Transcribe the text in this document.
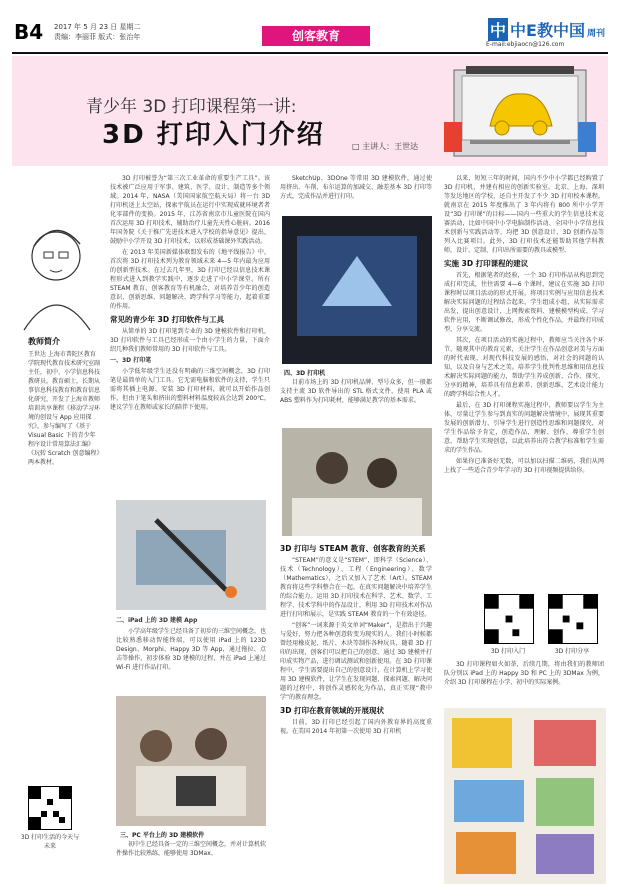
B4 2017 年 5 月 23 日 星期二
责编：李丽菲 版式：张治年	创客教育	中 中E教中国 周刊
E-mail:ebjiaocn@126.com
青少年 3D 打印课程第一讲:
3D 打印入门介绍	□ 主讲人：王世达
教师简介
王世达 上海市普陀区教育学院现代教育技术研究室副主任，初中、小学信息科技教研员，教育硕士，长期从事信息科技教育和教育信息化研究，开发了上海市教师培训共享课程《移动学习环境的创设与 App 应用探究》，参与编写了《基于 Visual Basic 下的青少年程序设计常用算法汇编》《玩转 Scratch 创意编程》两本教材。
3D 打印生活的今天与未来

3D 打印被誉为“第三次工业革命的重要生产工具”。该技术被广泛应用于军事、建筑、医学、设计、制造等多个领域。2014 年，NASA（美国国家航空航天局）将一台 3D 打印机送上太空站，探索宇航员在运行中实现成就环境者者化零部件的变换。2015 年，江苏省南京市儿童医院在国内首次运用 3D 打印技术，辅助治疗儿童先天性心脏病。2016 年国务院《关于推广先进技术进入学校的指导意见》提出，鼓励中小学开设 3D 打印技术，以形成基础课外实践活动。

在 2013 年美国新媒体联盟发布的《地平线报告》中，首次将 3D 打印技术列为教育领域未来 4—5 年内最为应用的创新型技术。在过去几年里，3D 打印已经以信息技术课程形式进入到教学实践中，逐步走进了中小学课堂。所有 STEAM 教育、创客教育等有机融合，对培养青少年的创造意识、创新思维、问题解决、跨学科学习等能力，起着重要的作用。

常见的青少年 3D 打印软件与工具

从简单的 3D 打印笔到专业的 3D 建模软件和打印机，3D 打印软件与工具已经形成一个由小学生的力量，下面介绍几种我们教师常用的 3D 打印软件与工具。

一、3D 打印笔

小学低年级学生还没有明确的三维空间概念，3D 打印笔是最简单的入门工具。它无需电脑和软件的支持，学生只需将其插上电源、安装 3D 打印材料，就可以开始作品创作，但由于笔头和挤出的塑料材料温度较高会达到 200℃，建议学生在教师或家长的陪伴下使用。

二、iPad 上的 3D 建模 App

小学高年级学生已经具备了初步的三维空间概念，也比较熟悉移动智能终端，可以使用 iPad 上的 123D Design、Morphi、Happy 3D 等 App，通过拖拉、点击等操作，初步体验 3D 建模的过程，并在 iPad 上通过 Wi-Fi 进行作品打印。

三、PC 平台上的 3D 建模软件

初中生已经具备一定的三维空间概念，并对计算机软件操作比较熟练，能够使用 3DMax、

SketchUp、3DOne 等常用 3D 建模软件，通过使用挤出、车削、布尔运算的加减交、融差基本 3D 打印等方式，完成作品并进行打印。

四、3D 打印机

目前市场上的 3D 打印机品牌、型号众多，但一般都支持主流 3D 软件导出的 STL 格式文件，使用 PLA 或 ABS 塑料作为打印耗材，能够满足教学的基本需求。

3D 打印与 STEAM 教育、创客教育的关系

“STEAM”的意义是“STEM”，即科学（Science）、技术（Technology）、工程（Engineering）、数学（Mathematics），之后又加入了艺术（Art）。STEAM 教育将这些学科整合在一起，在真实问题解决中培养学生的综合能力。运用 3D 打印技术在科学、艺术、数学、工程学、技术学科中的作品设计，利用 3D 打印技术对作品进行打印和展示，是实践 STEAM 教育的一个有效途径。

“创客”一词来源于英文单词“Maker”，是指出于兴趣与爱好，努力把各种创意转变为现实的人。我们小时候都曾经用橡皮泥、纸片、木块等制作各种玩具，随着 3D 打印的出现，创客们可以把自己的创意，通过 3D 建模并打印成实物产品，进行调试测试和创新使用。在 3D 打印课程中，学生需要提出自己的创意设计，在计算机上学习使用 3D 建模软件，让学生在发现问题、探索问题、解决问题的过程中，将创作灵感转化为作品，真正实现“教中学”的教育理念。

3D 打印在教育领域的开展现状

目前，3D 打印已经引起了国内外教育界的高度重视。在美国 2014 年初第一次使用 3D 打印机

以来，短短三年的时间，国内不少中小学都已经购置了 3D 打印机，并建有相应的创新实验室。北京、上海、深圳等发达地区的学校，还自主开发了不少 3D 打印校本课程。就南京在 2015 年度推出了 3 年内将有 800 所中小学开设“3D 打印课”的目标——国内一些重大的学生信息技术竞赛活动，比如中国中小学电脑制作活动、全国中小学信息技术创新与实践活动等，均把 3D 创意设计、3D 创新作品等列入比赛项目。此外，3D 打印技术还能帮助其他学科教师，设计、定制、打印出所需要的教具或模型。

实施 3D 打印课程的建议

首先，根据笔者的经验，一个 3D 打印作品从构思到完成打印完成，往往需要 4—6 个课时，建议在实施 3D 打印课程时以项目活动的形式开展，将项目实例与应用信息技术解决实际问题的过程结合起来，学生组成小组，从实际需求出发，提出创意设计，上网搜索资料、建模模型构成、学习软件应用，不断调试修改，形成个性化作品，并最终打印成型、分享交流。

其次，在项目活动的实施过程中，教师应当关注各个环节，随观其中的教育元素，关注学生在作品创意对美与方面的时代表现，对现代科技发展的感悟，对社会的问题的认知，以及自身与艺术之美。培养学生批判性思维和用信息技术解决实际问题的能力，帮助学生养成创新、合作、探究、分享的精神，培养具有信息素养、创新思维、艺术设计能力的跨学科综合性人才。

最后，在 3D 打印课程实施过程中，教师要以学生为主体，尽量让学生参与到真实的问题解决情境中，展现其重要发展的创新潜力，引导学生进行创造性思维和问题探究，对学生作品给予肯定，创造作品，理解、创作、尊重学生创意，帮助学生实现创意，以此培养出符合教学标准和学生需求的学生作品。

如果你已准备好无数，可以加以扫描二维码，我们从网上找了一些适合青少年学习的 3D 打印视频提供给你。

3D 打印入门	3D 打印分享

3D 打印课程如火如荼，后续几期，将由我们的教师团队分别以 iPad 上的 Happy 3D 和 PC 上的 3DMax 为例，介绍 3D 打印课程在小学、初中的实际案例。
